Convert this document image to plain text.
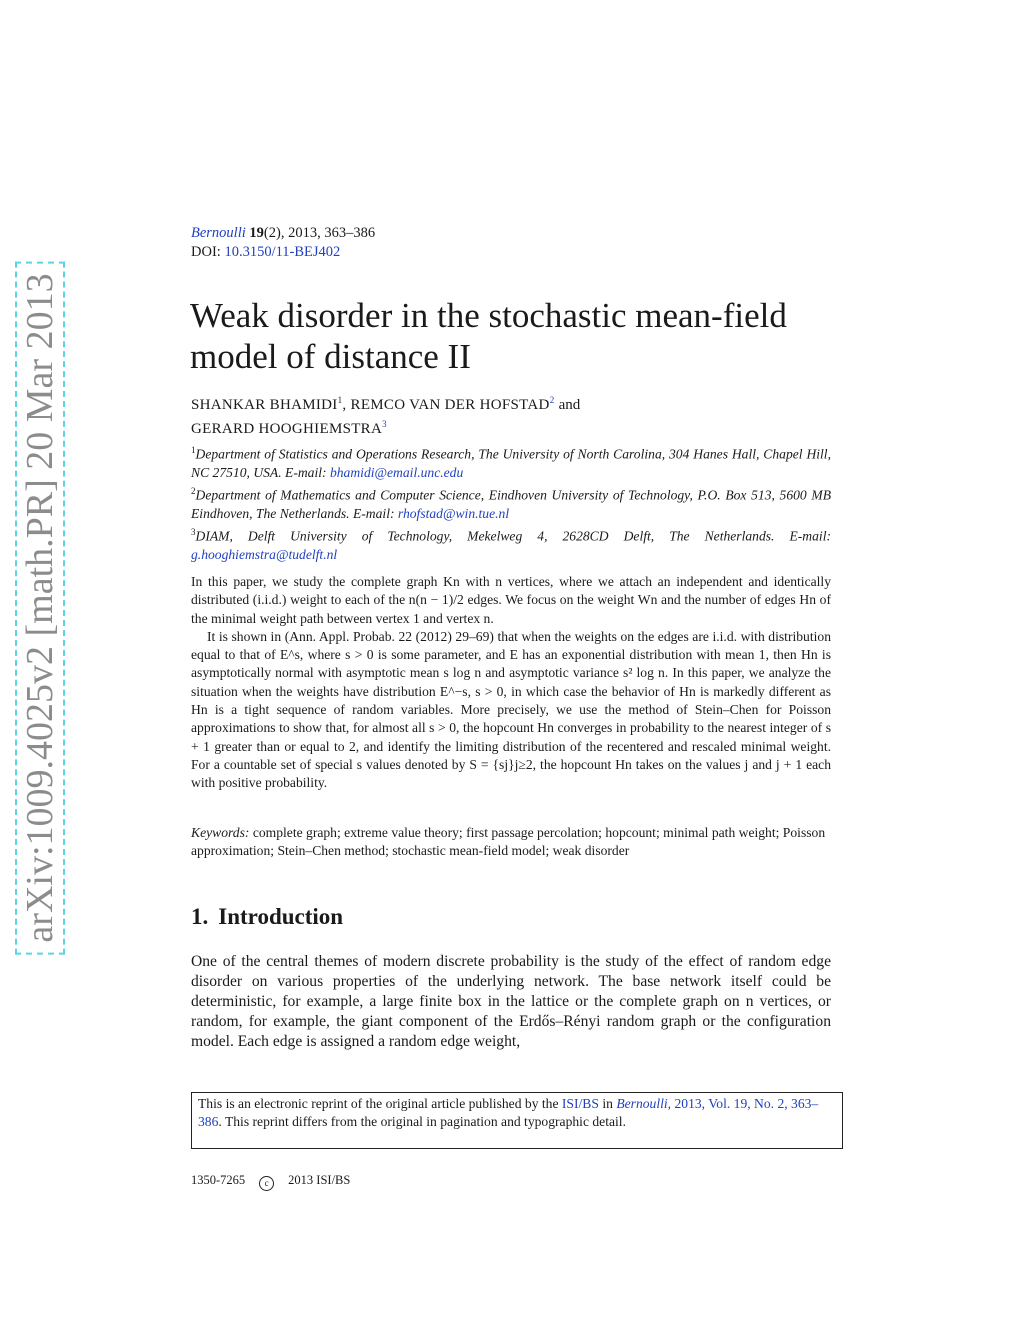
arXiv:1009.4025v2 [math.PR] 20 Mar 2013
Bernoulli 19(2), 2013, 363–386
DOI: 10.3150/11-BEJ402
Weak disorder in the stochastic mean-field model of distance II
SHANKAR BHAMIDI$^1$, REMCO VAN DER HOFSTAD$^2$ and
GERARD HOOGHIEMSTRA$^3$
$^1$Department of Statistics and Operations Research, The University of North Carolina, 304 Hanes Hall, Chapel Hill, NC 27510, USA. E-mail: bhamidi@email.unc.edu
$^2$Department of Mathematics and Computer Science, Eindhoven University of Technology, P.O. Box 513, 5600 MB Eindhoven, The Netherlands. E-mail: rhofstad@win.tue.nl
$^3$DIAM, Delft University of Technology, Mekelweg 4, 2628CD Delft, The Netherlands. E-mail: g.hooghiemstra@tudelft.nl

In this paper, we study the complete graph Kn with n vertices, where we attach an independent and identically distributed (i.i.d.) weight to each of the n(n − 1)/2 edges. We focus on the weight Wn and the number of edges Hn of the minimal weight path between vertex 1 and vertex n.

It is shown in (Ann. Appl. Probab. 22 (2012) 29–69) that when the weights on the edges are i.i.d. with distribution equal to that of E^s, where s > 0 is some parameter, and E has an exponential distribution with mean 1, then Hn is asymptotically normal with asymptotic mean s log n and asymptotic variance s² log n. In this paper, we analyze the situation when the weights have distribution E^−s, s > 0, in which case the behavior of Hn is markedly different as Hn is a tight sequence of random variables. More precisely, we use the method of Stein–Chen for Poisson approximations to show that, for almost all s > 0, the hopcount Hn converges in probability to the nearest integer of s + 1 greater than or equal to 2, and identify the limiting distribution of the recentered and rescaled minimal weight. For a countable set of special s values denoted by S = {sj}j≥2, the hopcount Hn takes on the values j and j + 1 each with positive probability.

Keywords: complete graph; extreme value theory; first passage percolation; hopcount; minimal path weight; Poisson approximation; Stein–Chen method; stochastic mean-field model; weak disorder
1. Introduction
One of the central themes of modern discrete probability is the study of the effect of random edge disorder on various properties of the underlying network. The base network itself could be deterministic, for example, a large finite box in the lattice or the complete graph on n vertices, or random, for example, the giant component of the Erdős–Rényi random graph or the configuration model. Each edge is assigned a random edge weight,
This is an electronic reprint of the original article published by the ISI/BS in Bernoulli, 2013, Vol. 19, No. 2, 363–386. This reprint differs from the original in pagination and typographic detail.
1350-7265 c 2013 ISI/BS
